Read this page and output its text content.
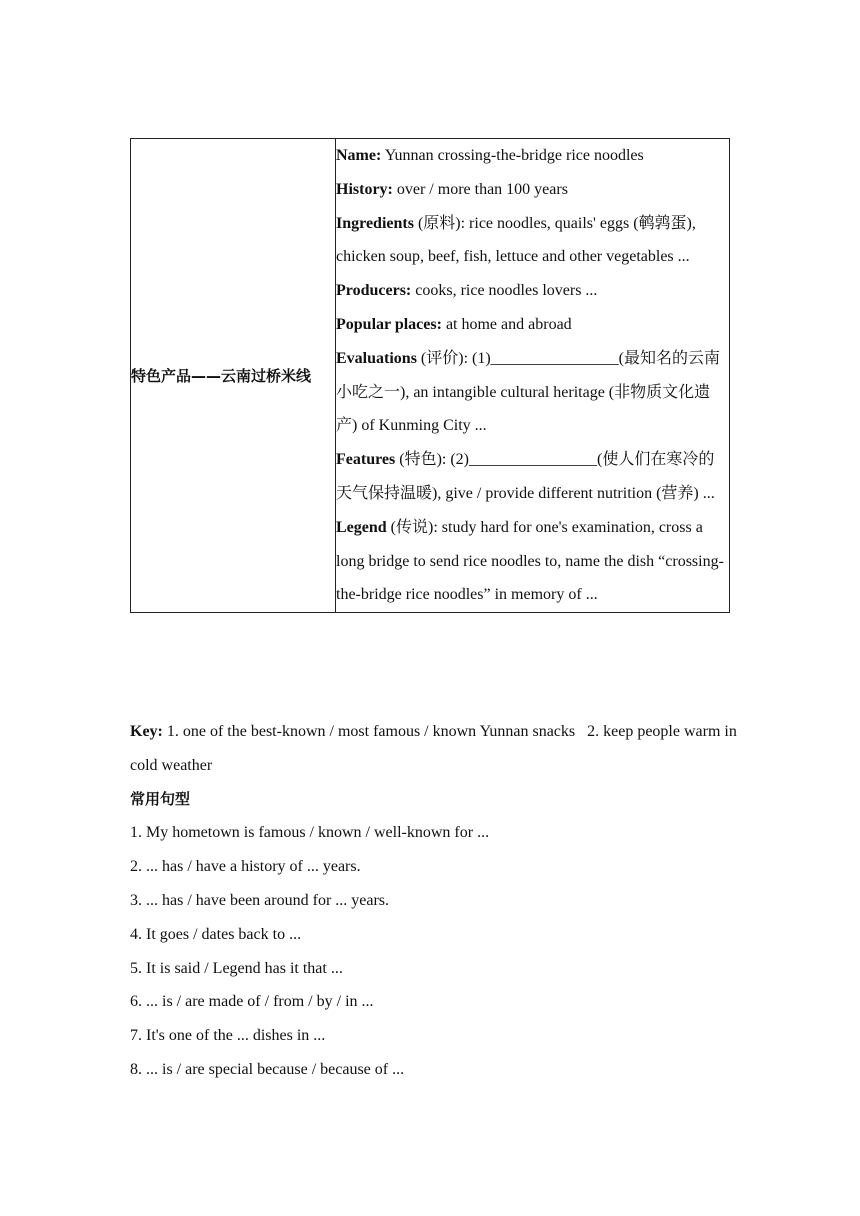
特色产品——云南过桥米线

Name: Yunnan crossing-the-bridge rice noodles
History: over / more than 100 years
Ingredients (原料): rice noodles, quails' eggs (鹌鹑蛋), chicken soup, beef, fish, lettuce and other vegetables ...
Producers: cooks, rice noodles lovers ...
Popular places: at home and abroad
Evaluations (评价): (1)________________(最知名的云南小吃之一), an intangible cultural heritage (非物质文化遗产) of Kunming City ...
Features (特色): (2)________________(使人们在寒冷的天气保持温暖), give / provide different nutrition (营养) ...
Legend (传说): study hard for one's examination, cross a long bridge to send rice noodles to, name the dish “crossing-the-bridge rice noodles” in memory of ...
Key: 1. one of the best-known / most famous / known Yunnan snacks   2. keep people warm in cold weather
常用句型
1. My hometown is famous / known / well-known for ...
2. ... has / have a history of ... years.
3. ... has / have been around for ... years.
4. It goes / dates back to ...
5. It is said / Legend has it that ...
6. ... is / are made of / from / by / in ...
7. It's one of the ... dishes in ...
8. ... is / are special because / because of ...
